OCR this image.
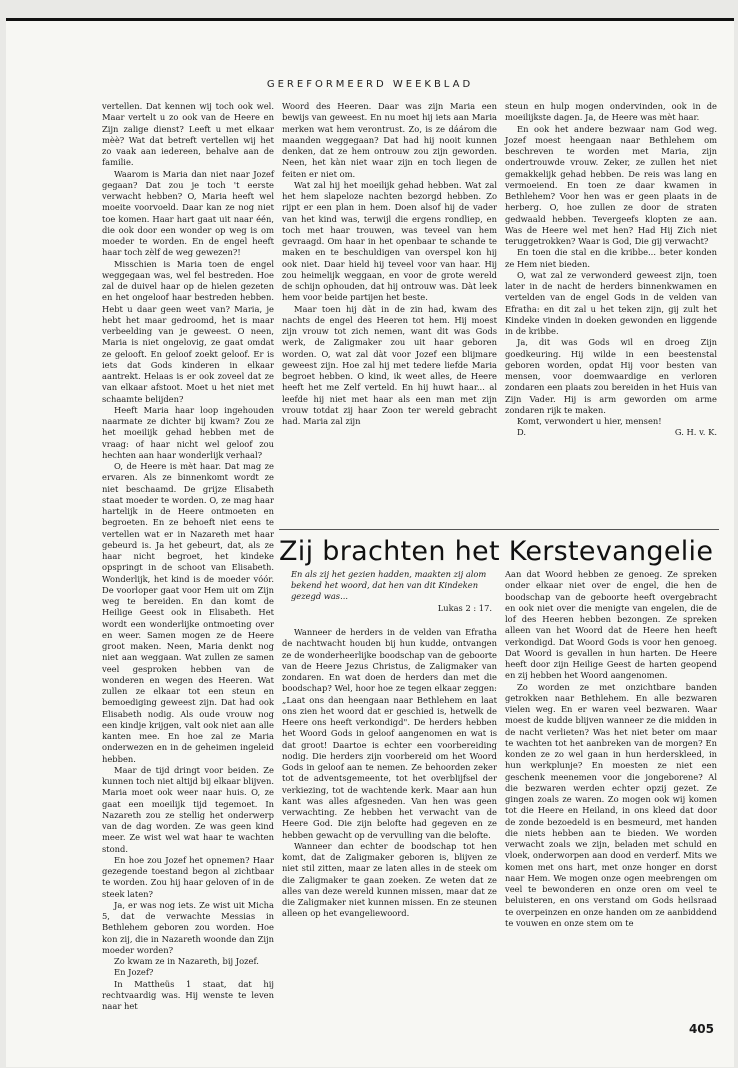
GEREFORMEERD WEEKBLAD

vertellen. Dat kennen wij toch ook wel. Maar vertelt u zo ook van de Heere en Zijn zalige dienst? Leeft u met elkaar mèè? Wat dat betreft vertellen wij het zo vaak aan iedereen, behalve aan de familie.

Waarom is Maria dan niet naar Jozef gegaan? Dat zou je toch 't eerste verwacht hebben? O, Maria heeft wel moeite voorvoeld. Daar kan ze nog niet toe komen. Haar hart gaat uit naar één, die ook door een wonder op weg is om moeder te worden. En de engel heeft haar toch zèlf de weg gewezen?!

Misschien is Maria toen de engel weggegaan was, wel fel bestreden. Hoe zal de duivel haar op de hielen gezeten en het ongeloof haar bestreden hebben. Hebt u daar geen weet van? Maria, je hebt het maar gedroomd, het is maar verbeelding van je geweest. O neen, Maria is niet ongelovig, ze gaat omdat ze gelooft. En geloof zoekt geloof. Er is iets dat Gods kinderen in elkaar aantrekt. Helaas is er ook zoveel dat ze van elkaar afstoot. Moet u het niet met schaamte belijden?

Heeft Maria haar loop ingehouden naarmate ze dichter bij kwam? Zou ze het moeilijk gehad hebben met de vraag: of haar nicht wel geloof zou hechten aan haar wonderlijk verhaal?

O, de Heere is mèt haar. Dat mag ze ervaren. Als ze binnenkomt wordt ze niet beschaamd. De grijze Elisabeth staat moeder te worden. O, ze mag haar hartelijk in de Heere ontmoeten en begroeten. En ze behoeft niet eens te vertellen wat er in Nazareth met haar gebeurd is. Ja het gebeurt, dat, als ze haar nicht begroet, het kindeke opspringt in de schoot van Elisabeth. Wonderlijk, het kind is de moeder vóór. De voorloper gaat voor Hem uit om Zijn weg te bereiden. En dan komt de Heilige Geest ook in Elisabeth. Het wordt een wonderlijke ontmoeting over en weer. Samen mogen ze de Heere groot maken. Neen, Maria denkt nog niet aan weggaan. Wat zullen ze samen veel gesproken hebben van de wonderen en wegen des Heeren. Wat zullen ze elkaar tot een steun en bemoediging geweest zijn. Dat had ook Elisabeth nodig. Als oude vrouw nog een kindje krijgen, valt ook niet aan alle kanten mee. En hoe zal ze Maria onderwezen en in de geheimen ingeleid hebben.

Maar de tijd dringt voor beiden. Ze kunnen toch niet altijd bij elkaar blijven. Maria moet ook weer naar huis. O, ze gaat een moeilijk tijd tegemoet. In Nazareth zou ze stellig het onderwerp van de dag worden. Ze was geen kind meer. Ze wist wel wat haar te wachten stond.

En hoe zou Jozef het opnemen? Haar gezegende toestand begon al zichtbaar te worden. Zou hij haar geloven of in de steek laten?

Ja, er was nog iets. Ze wist uit Micha 5, dat de verwachte Messias in Bethlehem geboren zou worden. Hoe kon zij, die in Nazareth woonde dan Zijn moeder worden?

Zo kwam ze in Nazareth, bij Jozef.

En Jozef?

In Mattheüs 1 staat, dat hij rechtvaardig was. Hij wenste te leven naar het

Woord des Heeren. Daar was zijn Maria een bewijs van geweest. En nu moet hij iets aan Maria merken wat hem verontrust. Zo, is ze dáárom die maanden weggegaan? Dat had hij nooit kunnen denken, dat ze hem ontrouw zou zijn geworden. Neen, het kàn niet waar zijn en toch liegen de feiten er niet om.

Wat zal hij het moeilijk gehad hebben. Wat zal het hem slapeloze nachten bezorgd hebben. Zo rijpt er een plan in hem. Doen alsof hij de vader van het kind was, terwijl die ergens rondliep, en toch met haar trouwen, was teveel van hem gevraagd. Om haar in het openbaar te schande te maken en te beschuldigen van overspel kon hij ook niet. Daar hield hij teveel voor van haar. Hij zou heimelijk weggaan, en voor de grote wereld de schijn ophouden, dat hij ontrouw was. Dàt leek hem voor beide partijen het beste.

Maar toen hij dàt in de zin had, kwam des nachts de engel des Heeren tot hem. Hij moest zijn vrouw tot zich nemen, want dit was Gods werk, de Zaligmaker zou uit haar geboren worden. O, wat zal dàt voor Jozef een blijmare geweest zijn. Hoe zal hij met tedere liefde Maria begroet hebben. O kind, ik weet alles, de Heere heeft het me Zelf verteld. En hij huwt haar... al leefde hij niet met haar als een man met zijn vrouw totdat zij haar Zoon ter wereld gebracht had. Maria zal zijn

steun en hulp mogen ondervinden, ook in de moeilijkste dagen. Ja, de Heere was mèt haar.

En ook het andere bezwaar nam God weg. Jozef moest heengaan naar Bethlehem om beschreven te worden met Maria, zijn ondertrouwde vrouw. Zeker, ze zullen het niet gemakkelijk gehad hebben. De reis was lang en vermoeiend. En toen ze daar kwamen in Bethlehem? Voor hen was er geen plaats in de herberg. O, hoe zullen ze door de straten gedwaald hebben. Tevergeefs klopten ze aan. Was de Heere wel met hen? Had Hij Zich niet teruggetrokken? Waar is God, Die gij verwacht?

En toen die stal en die kribbe... beter konden ze Hem niet bieden.

O, wat zal ze verwonderd geweest zijn, toen later in de nacht de herders binnenkwamen en vertelden van de engel Gods in de velden van Efratha: en dit zal u het teken zijn, gij zult het Kindeke vinden in doeken gewonden en liggende in de kribbe.

Ja, dit was Gods wil en droeg Zijn goedkeuring. Hij wilde in een beestenstal geboren worden, opdat Hij voor besten van mensen, voor doemwaardige en verloren zondaren een plaats zou bereiden in het Huis van Zijn Vader. Hij is arm geworden om arme zondaren rijk te maken.

Komt, verwondert u hier, mensen!

D.	G. H. v. K.

Zij brachten het Kerstevangelie
En als zij het gezien hadden, maakten zij alom bekend het woord, dat hen van dit Kindeken gezegd was...
Lukas 2 : 17.

Wanneer de herders in de velden van Efratha de nachtwacht houden bij hun kudde, ontvangen ze de wonderheerlijke boodschap van de geboorte van de Heere Jezus Christus, de Zaligmaker van zondaren. En wat doen de herders dan met die boodschap? Wel, hoor hoe ze tegen elkaar zeggen: „Laat ons dan heengaan naar Bethlehem en laat ons zien het woord dat er geschied is, hetwelk de Heere ons heeft verkondigd". De herders hebben het Woord Gods in geloof aangenomen en wat is dat groot! Daartoe is echter een voorbereiding nodig. Die herders zijn voorbereid om het Woord Gods in geloof aan te nemen. Ze behoorden zeker tot de adventsgemeente, tot het overblijfsel der verkiezing, tot de wachtende kerk. Maar aan hun kant was alles afgesneden. Van hen was geen verwachting. Ze hebben het verwacht van de Heere God. Die zijn belofte had gegeven en ze hebben gewacht op de vervulling van die belofte.

Wanneer dan echter de boodschap tot hen komt, dat de Zaligmaker geboren is, blijven ze niet stil zitten, maar ze laten alles in de steek om die Zaligmaker te gaan zoeken. Ze weten dat ze alles van deze wereld kunnen missen, maar dat ze die Zaligmaker niet kunnen missen. En ze steunen alleen op het evangeliewoord.

Aan dat Woord hebben ze genoeg. Ze spreken onder elkaar niet over de engel, die hen de boodschap van de geboorte heeft overgebracht en ook niet over die menigte van engelen, die de lof des Heeren hebben bezongen. Ze spreken alleen van het Woord dat de Heere hen heeft verkondigd. Dat Woord Gods is voor hen genoeg. Dat Woord is gevallen in hun harten. De Heere heeft door zijn Heilige Geest de harten geopend en zij hebben het Woord aangenomen.

Zo worden ze met onzichtbare banden getrokken naar Bethlehem. En alle bezwaren vielen weg. En er waren veel bezwaren. Waar moest de kudde blijven wanneer ze die midden in de nacht verlieten? Was het niet beter om maar te wachten tot het aanbreken van de morgen? En konden ze zo wel gaan in hun herderskleed, in hun werkplunje? En moesten ze niet een geschenk meenemen voor die jongeborene? Al die bezwaren werden echter opzij gezet. Ze gingen zoals ze waren. Zo mogen ook wij komen tot die Heere en Heiland, in ons kleed dat door de zonde bezoedeld is en besmeurd, met handen die niets hebben aan te bieden. We worden verwacht zoals we zijn, beladen met schuld en vloek, onderworpen aan dood en verderf. Mits we komen met ons hart, met onze honger en dorst naar Hem. We mogen onze ogen meebrengen om veel te bewonderen en onze oren om veel te beluisteren, en ons verstand om Gods heilsraad te overpeinzen en onze handen om ze aanbiddend te vouwen en onze stem om te

405
